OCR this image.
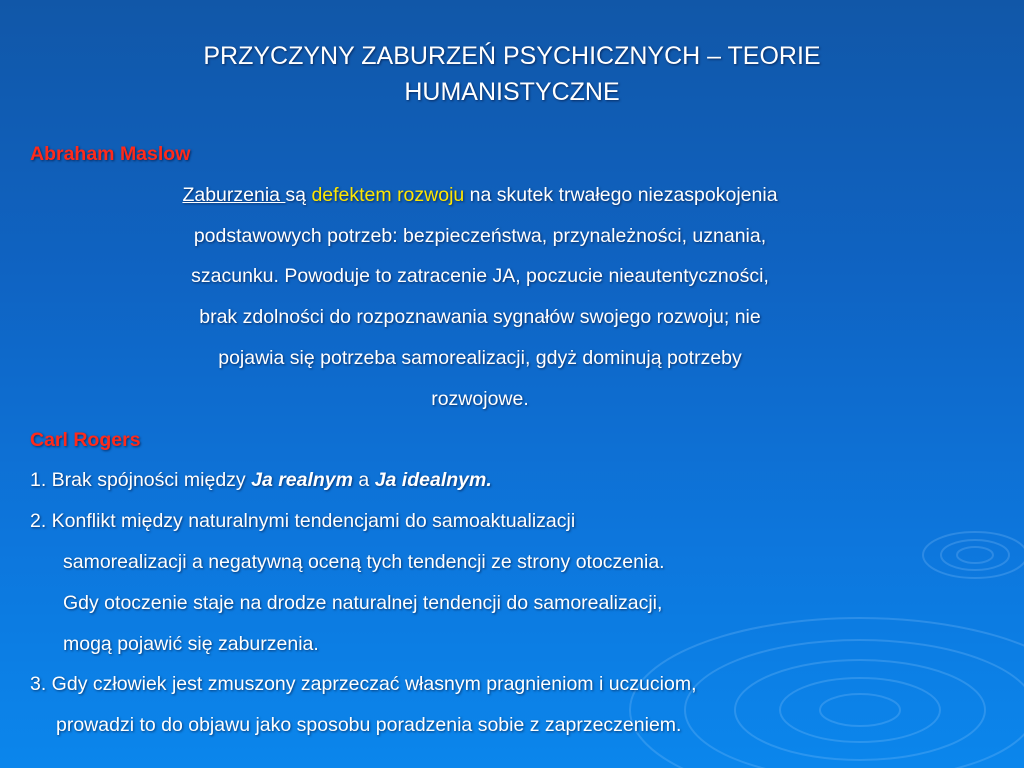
PRZYCZYNY ZABURZEŃ PSYCHICZNYCH – TEORIE
HUMANISTYCZNE
Abraham Maslow
Zaburzenia są defektem rozwoju na skutek trwałego niezaspokojenia
podstawowych potrzeb: bezpieczeństwa, przynależności, uznania,
szacunku. Powoduje to zatracenie JA, poczucie nieautentyczności,
brak zdolności do rozpoznawania sygnałów swojego rozwoju; nie
pojawia się potrzeba samorealizacji, gdyż dominują potrzeby
rozwojowe.
Carl Rogers
1. Brak spójności między Ja realnym a Ja idealnym.
2. Konflikt między naturalnymi tendencjami do samoaktualizacji
samorealizacji a negatywną oceną tych tendencji ze strony otoczenia.
Gdy otoczenie staje na drodze naturalnej tendencji do samorealizacji,
mogą pojawić się zaburzenia.
3. Gdy człowiek jest zmuszony zaprzeczać własnym pragnieniom i uczuciom,
prowadzi to do objawu jako sposobu poradzenia sobie z zaprzeczeniem.
